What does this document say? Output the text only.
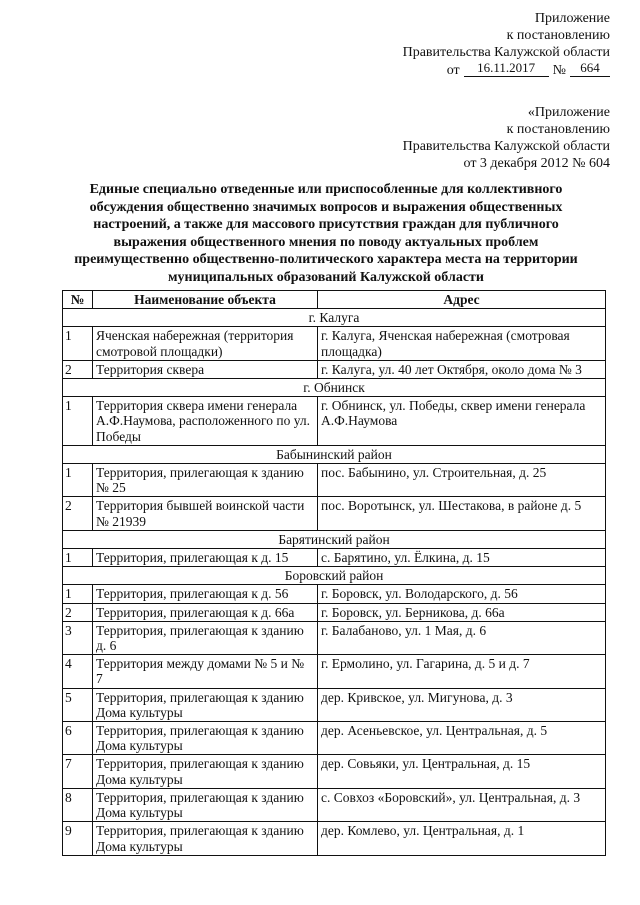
Приложение
к постановлению
Правительства Калужской области
от	16.11.2017	№	664
«Приложение
к постановлению
Правительства Калужской области
от 3 декабря 2012 № 604
Единые специально отведенные или приспособленные для коллективного обсуждения общественно значимых вопросов и выражения общественных настроений, а также для массового присутствия граждан для публичного выражения общественного мнения по поводу актуальных проблем преимущественно общественно-политического характера места на территории муниципальных образований Калужской области
№	Наименование объекта	Адрес
г. Калуга		
1	Яченская набережная (территория смотровой площадки)	г. Калуга, Яченская набережная (смотровая площадка)
2	Территория сквера	г. Калуга, ул. 40 лет Октября, около дома № 3
г. Обнинск		
1	Территория сквера имени генерала А.Ф.Наумова, расположенного по ул. Победы	г. Обнинск, ул. Победы, сквер имени генерала А.Ф.Наумова
Бабынинский район		
1	Территория, прилегающая к зданию № 25	пос. Бабынино, ул. Строительная, д. 25
2	Территория бывшей воинской части № 21939	пос. Воротынск, ул. Шестакова, в районе д. 5
Барятинский район		
1	Территория, прилегающая к д. 15	с. Барятино, ул. Ёлкина, д. 15
Боровский район		
1	Территория, прилегающая к д. 56	г. Боровск, ул. Володарского, д. 56
2	Территория, прилегающая к д. 66а	г. Боровск, ул. Берникова, д. 66а
3	Территория, прилегающая к зданию д. 6	г. Балабаново, ул. 1 Мая, д. 6
4	Территория между домами № 5 и № 7	г. Ермолино, ул. Гагарина, д. 5 и д. 7
5	Территория, прилегающая к зданию Дома культуры	дер. Кривское, ул. Мигунова, д. 3
6	Территория, прилегающая к зданию Дома культуры	дер. Асеньевское, ул. Центральная, д. 5
7	Территория, прилегающая к зданию Дома культуры	дер. Совьяки, ул. Центральная, д. 15
8	Территория, прилегающая к зданию Дома культуры	с. Совхоз «Боровский», ул. Центральная, д. 3
9	Территория, прилегающая к зданию Дома культуры	дер. Комлево, ул. Центральная, д. 1
